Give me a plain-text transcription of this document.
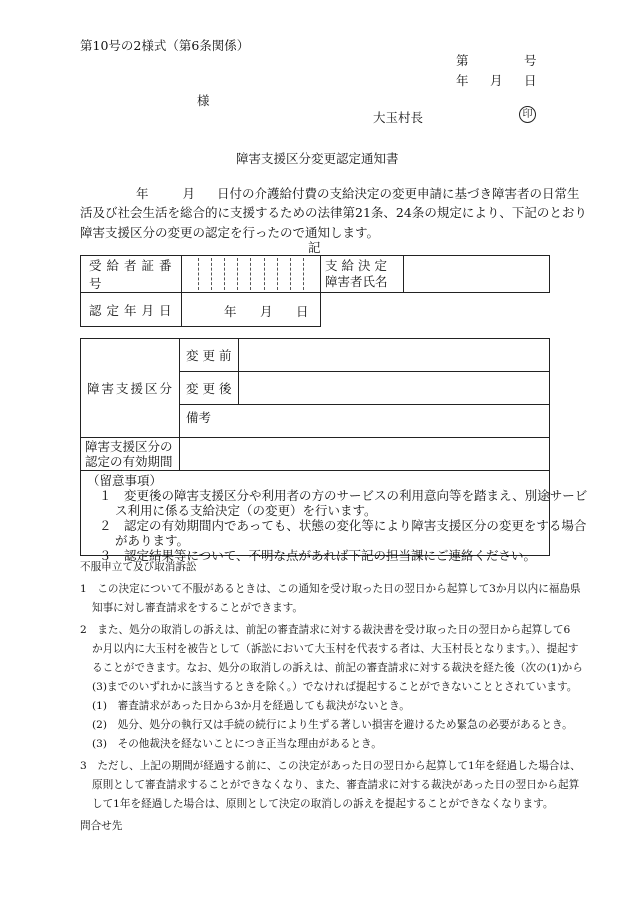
第10号の2様式（第6条関係）
第	号
年 月 日
様
大玉村長	印
障害支援区分変更認定通知書
年	月 日付の介護給付費の支給決定の変更申請に基づき障害者の日常生
活及び社会生活を総合的に支援するための法律第21条、24条の規定により、下記のとおり
障害支援区分の変更の認定を行ったので通知します。
記
受給者証番号		支給決定
障害者氏名	

認定年月日	年 月 日		

障害支援区分	変更前	
	変更後	
	備考	

障害支援区分の
認定の有効期間		

（留意事項）
１　変更後の障害支援区分や利用者の方のサービスの利用意向等を踏まえ、別途サービ
ス利用に係る支給決定（の変更）を行います。
２　認定の有効期間内であっても、状態の変化等により障害支援区分の変更をする場合
があります。
３　認定結果等について、不明な点があれば下記の担当課にご連絡ください。
不服申立て及び取消訴訟
1　この決定について不服があるときは、この通知を受け取った日の翌日から起算して3か月以内に福島県
知事に対し審査請求をすることができます。
2　また、処分の取消しの訴えは、前記の審査請求に対する裁決書を受け取った日の翌日から起算して6
か月以内に大玉村を被告として（訴訟において大玉村を代表する者は、大玉村長となります。）、提起す
ることができます。なお、処分の取消しの訴えは、前記の審査請求に対する裁決を経た後（次の(1)から
(3)までのいずれかに該当するときを除く。）でなければ提起することができないこととされています。
(1)　審査請求があった日から3か月を経過しても裁決がないとき。
(2)　処分、処分の執行又は手続の続行により生ずる著しい損害を避けるため緊急の必要があるとき。
(3)　その他裁決を経ないことにつき正当な理由があるとき。
3　ただし、上記の期間が経過する前に、この決定があった日の翌日から起算して1年を経過した場合は、
原則として審査請求することができなくなり、また、審査請求に対する裁決があった日の翌日から起算
して1年を経過した場合は、原則として決定の取消しの訴えを提起することができなくなります。
問合せ先
